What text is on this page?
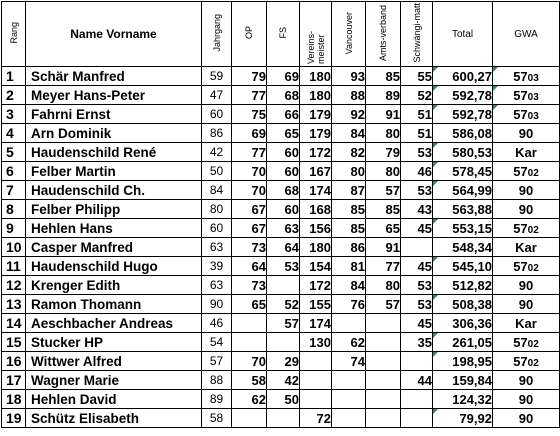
Rang	Name Vorname	Jahrgang	OP	FS	Vereins-meister	Vancouver	Amts-verband	Schwängi-matt	Total	GWA
1	Schär Manfred	59	79	69	180	93	85	55	600,27	5703
2	Meyer Hans-Peter	47	77	68	180	88	89	52	592,78	5703
3	Fahrni Ernst	60	75	66	179	92	91	51	592,78	5703
4	Arn Dominik	86	69	65	179	84	80	51	586,08	90
5	Haudenschild René	42	77	60	172	82	79	53	580,53	Kar
6	Felber Martin	50	70	60	167	80	80	46	578,45	5702
7	Haudenschild Ch.	84	70	68	174	87	57	53	564,99	90
8	Felber Philipp	80	67	60	168	85	85	43	563,88	90
9	Hehlen Hans	60	67	63	156	85	65	45	553,15	5702
10	Casper Manfred	63	73	64	180	86	91		548,34	Kar
11	Haudenschild Hugo	39	64	53	154	81	77	45	545,10	5702
12	Krenger Edith	63	73		172	84	80	53	512,82	90
13	Ramon Thomann	90	65	52	155	76	57	53	508,38	90
14	Aeschbacher Andreas	46		57	174			45	306,36	Kar
15	Stucker HP	54			130	62		35	261,05	5702
16	Wittwer Alfred	57	70	29		74			198,95	5702
17	Wagner Marie	88	58	42				44	159,84	90
18	Hehlen David	89	62	50					124,32	90
19	Schütz Elisabeth	58			72				79,92	90
